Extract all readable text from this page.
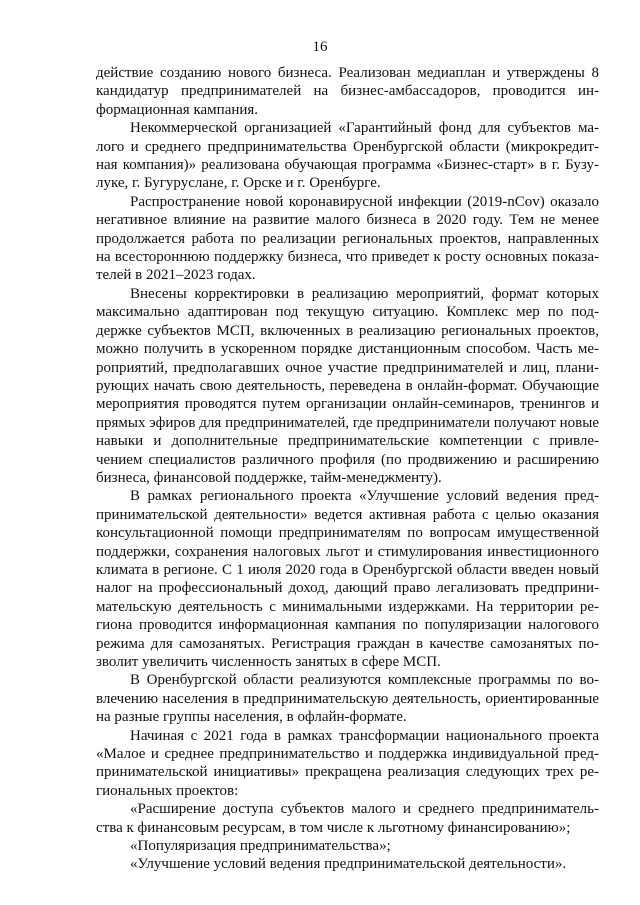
16

действие созданию нового бизнеса. Реализован медиаплан и утверждены 8 кандидатур предпринимателей на бизнес-амбассадоров, проводится информационная кампания.

Некоммерческой организацией «Гарантийный фонд для субъектов малого и среднего предпринимательства Оренбургской области (микрокредитная компания)» реализована обучающая программа «Бизнес-старт» в г. Бузулуке, г. Бугуруслане, г. Орске и г. Оренбурге.

Распространение новой коронавирусной инфекции (2019-nCov) оказало негативное влияние на развитие малого бизнеса в 2020 году. Тем не менее продолжается работа по реализации региональных проектов, направленных на всестороннюю поддержку бизнеса, что приведет к росту основных показателей в 2021–2023 годах.

Внесены корректировки в реализацию мероприятий, формат которых максимально адаптирован под текущую ситуацию. Комплекс мер по поддержке субъектов МСП, включенных в реализацию региональных проектов, можно получить в ускоренном порядке дистанционным способом. Часть мероприятий, предполагавших очное участие предпринимателей и лиц, планирующих начать свою деятельность, переведена в онлайн-формат. Обучающие мероприятия проводятся путем организации онлайн-семинаров, тренингов и прямых эфиров для предпринимателей, где предприниматели получают новые навыки и дополнительные предпринимательские компетенции с привлечением специалистов различного профиля (по продвижению и расширению бизнеса, финансовой поддержке, тайм-менеджменту).

В рамках регионального проекта «Улучшение условий ведения предпринимательской деятельности» ведется активная работа с целью оказания консультационной помощи предпринимателям по вопросам имущественной поддержки, сохранения налоговых льгот и стимулирования инвестиционного климата в регионе. С 1 июля 2020 года в Оренбургской области введен новый налог на профессиональный доход, дающий право легализовать предпринимательскую деятельность с минимальными издержками. На территории региона проводится информационная кампания по популяризации налогового режима для самозанятых. Регистрация граждан в качестве самозанятых позволит увеличить численность занятых в сфере МСП.

В Оренбургской области реализуются комплексные программы по вовлечению населения в предпринимательскую деятельность, ориентированные на разные группы населения, в офлайн-формате.

Начиная с 2021 года в рамках трансформации национального проекта «Малое и среднее предпринимательство и поддержка индивидуальной предпринимательской инициативы» прекращена реализация следующих трех региональных проектов:

«Расширение доступа субъектов малого и среднего предпринимательства к финансовым ресурсам, в том числе к льготному финансированию»;
«Популяризация предпринимательства»;
«Улучшение условий ведения предпринимательской деятельности».
